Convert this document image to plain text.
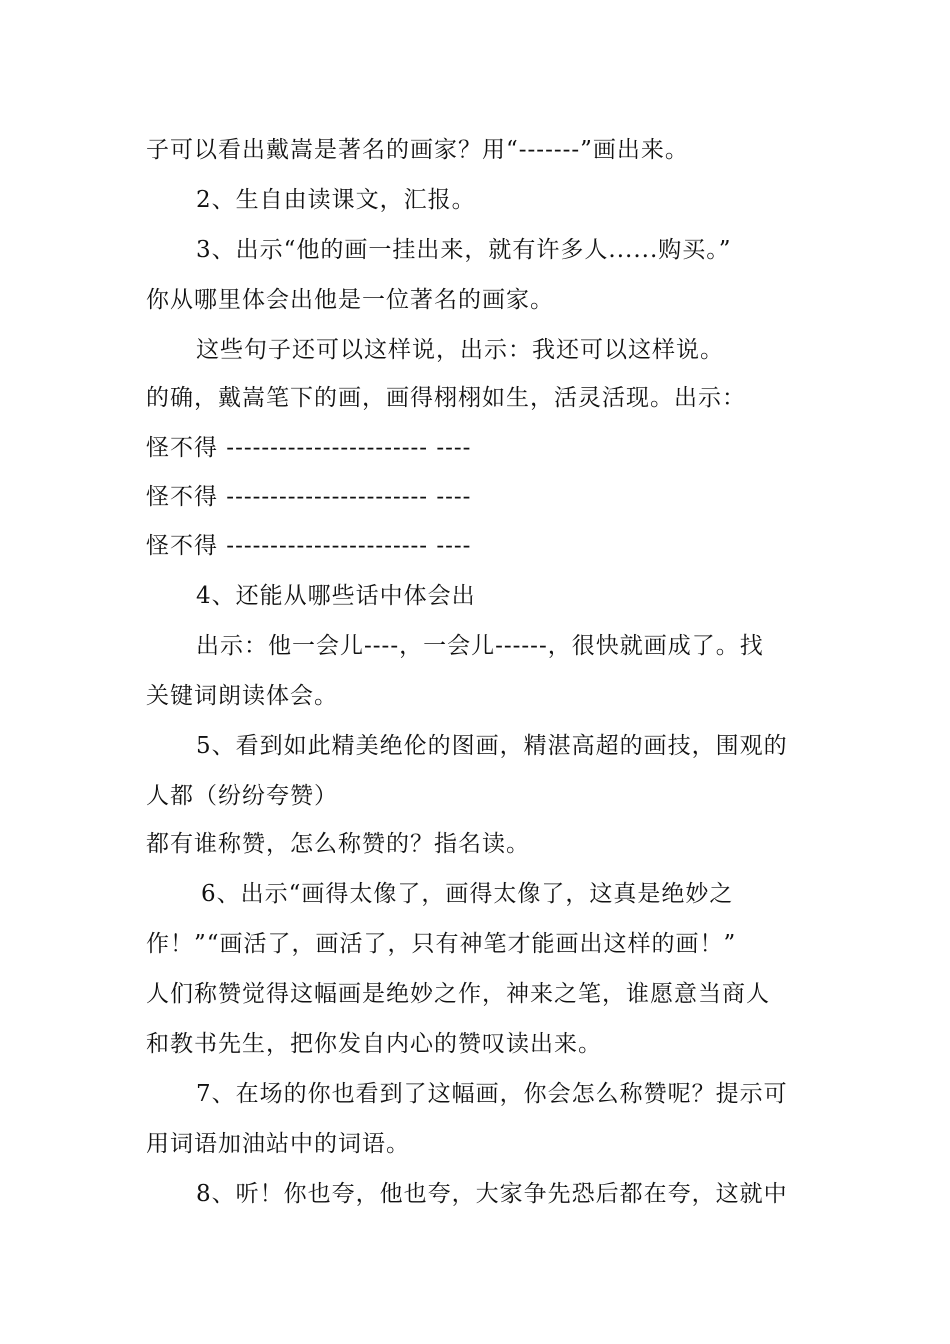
子可以看出戴嵩是著名的画家？用“-------”画出来。
2、生自由读课文，汇报。
3、出示“他的画一挂出来，就有许多人......购买。”
你从哪里体会出他是一位著名的画家。
这些句子还可以这样说，出示：我还可以这样说。
的确，戴嵩笔下的画，画得栩栩如生，活灵活现。出示：
怪不得 ----------------------- ----
怪不得 ----------------------- ----
怪不得 ----------------------- ----
4、还能从哪些话中体会出
出示：他一会儿----，一会儿------，很快就画成了。找
关键词朗读体会。
5、看到如此精美绝伦的图画，精湛高超的画技，围观的
人都（纷纷夸赞）
都有谁称赞，怎么称赞的？指名读。
6、出示“画得太像了，画得太像了，这真是绝妙之
作！”“画活了，画活了，只有神笔才能画出这样的画！”
人们称赞觉得这幅画是绝妙之作，神来之笔，谁愿意当商人
和教书先生，把你发自内心的赞叹读出来。
7、在场的你也看到了这幅画，你会怎么称赞呢？提示可
用词语加油站中的词语。
8、听！你也夸，他也夸，大家争先恐后都在夸，这就中
